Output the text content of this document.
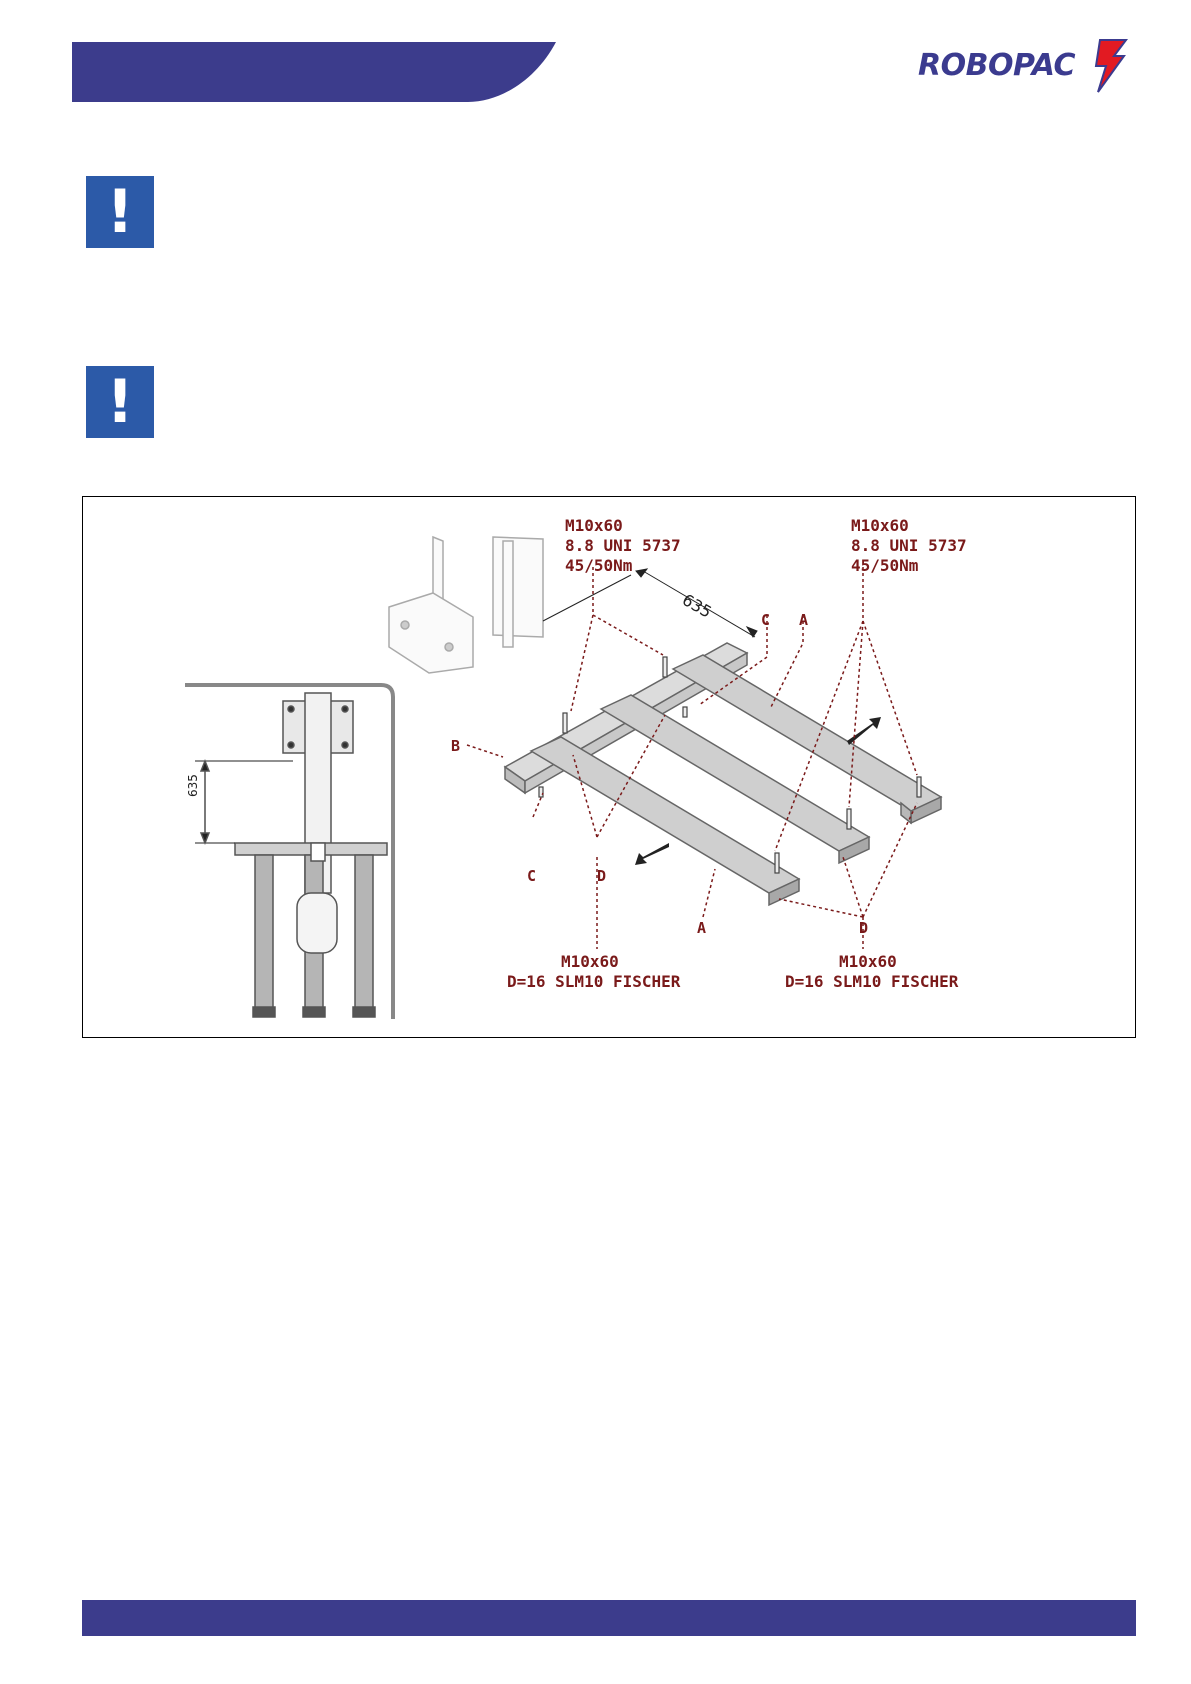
ROBOPAC
!
!
635
635
M10x60
8.8 UNI 5737
45/50Nm
M10x60
8.8 UNI 5737
45/50Nm
C A
B
C	D
A	D
M10x60
D=16 SLM10 FISCHER
M10x60
D=16 SLM10 FISCHER
